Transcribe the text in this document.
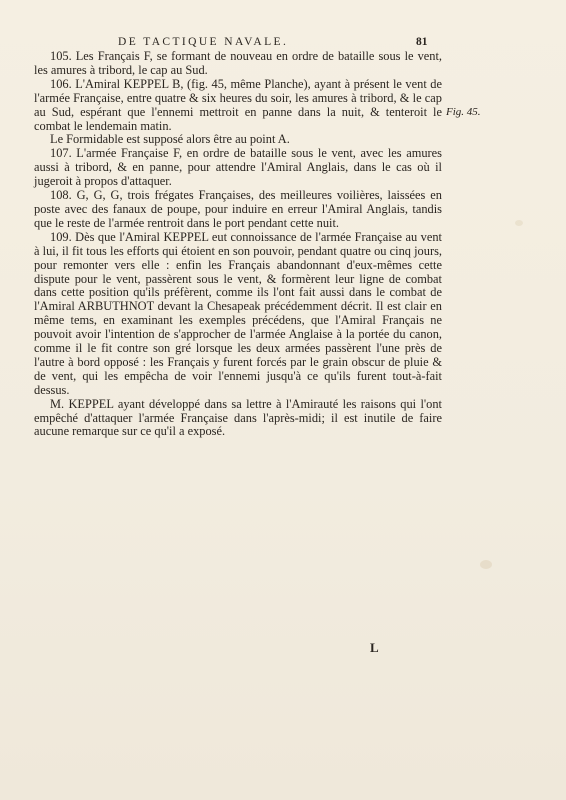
DE TACTIQUE NAVALE.	81
Fig. 45.

105. Les Français F, se formant de nouveau en ordre de bataille sous le vent, les amures à tribord, le cap au Sud.

106. L'Amiral KEPPEL B, (fig. 45, même Planche), ayant à présent le vent de l'armée Française, entre quatre & six heures du soir, les amures à tribord, & le cap au Sud, espérant que l'ennemi mettroit en panne dans la nuit, & tenteroit le combat le lendemain matin.

Le Formidable est supposé alors être au point A.

107. L'armée Française F, en ordre de bataille sous le vent, avec les amures aussi à tribord, & en panne, pour attendre l'Amiral Anglais, dans le cas où il jugeroit à propos d'attaquer.

108. G, G, G, trois frégates Françaises, des meilleures voilières, laissées en poste avec des fanaux de poupe, pour induire en erreur l'Amiral Anglais, tandis que le reste de l'armée rentroit dans le port pendant cette nuit.

109. Dès que l'Amiral KEPPEL eut connoissance de l'armée Française au vent à lui, il fit tous les efforts qui étoient en son pouvoir, pendant quatre ou cinq jours, pour remonter vers elle : enfin les Français abandonnant d'eux-mêmes cette dispute pour le vent, passèrent sous le vent, & formèrent leur ligne de combat dans cette position qu'ils préfèrent, comme ils l'ont fait aussi dans le combat de l'Amiral ARBUTHNOT devant la Chesapeak précédemment décrit. Il est clair en même tems, en examinant les exemples précédens, que l'Amiral Français ne pouvoit avoir l'intention de s'approcher de l'armée Anglaise à la portée du canon, comme il le fit contre son gré lorsque les deux armées passèrent l'une près de l'autre à bord opposé : les Français y furent forcés par le grain obscur de pluie & de vent, qui les empêcha de voir l'ennemi jusqu'à ce qu'ils furent tout-à-fait dessus.

M. KEPPEL ayant développé dans sa lettre à l'Amirauté les raisons qui l'ont empêché d'attaquer l'armée Française dans l'après-midi; il est inutile de faire aucune remarque sur ce qu'il a exposé.

L
